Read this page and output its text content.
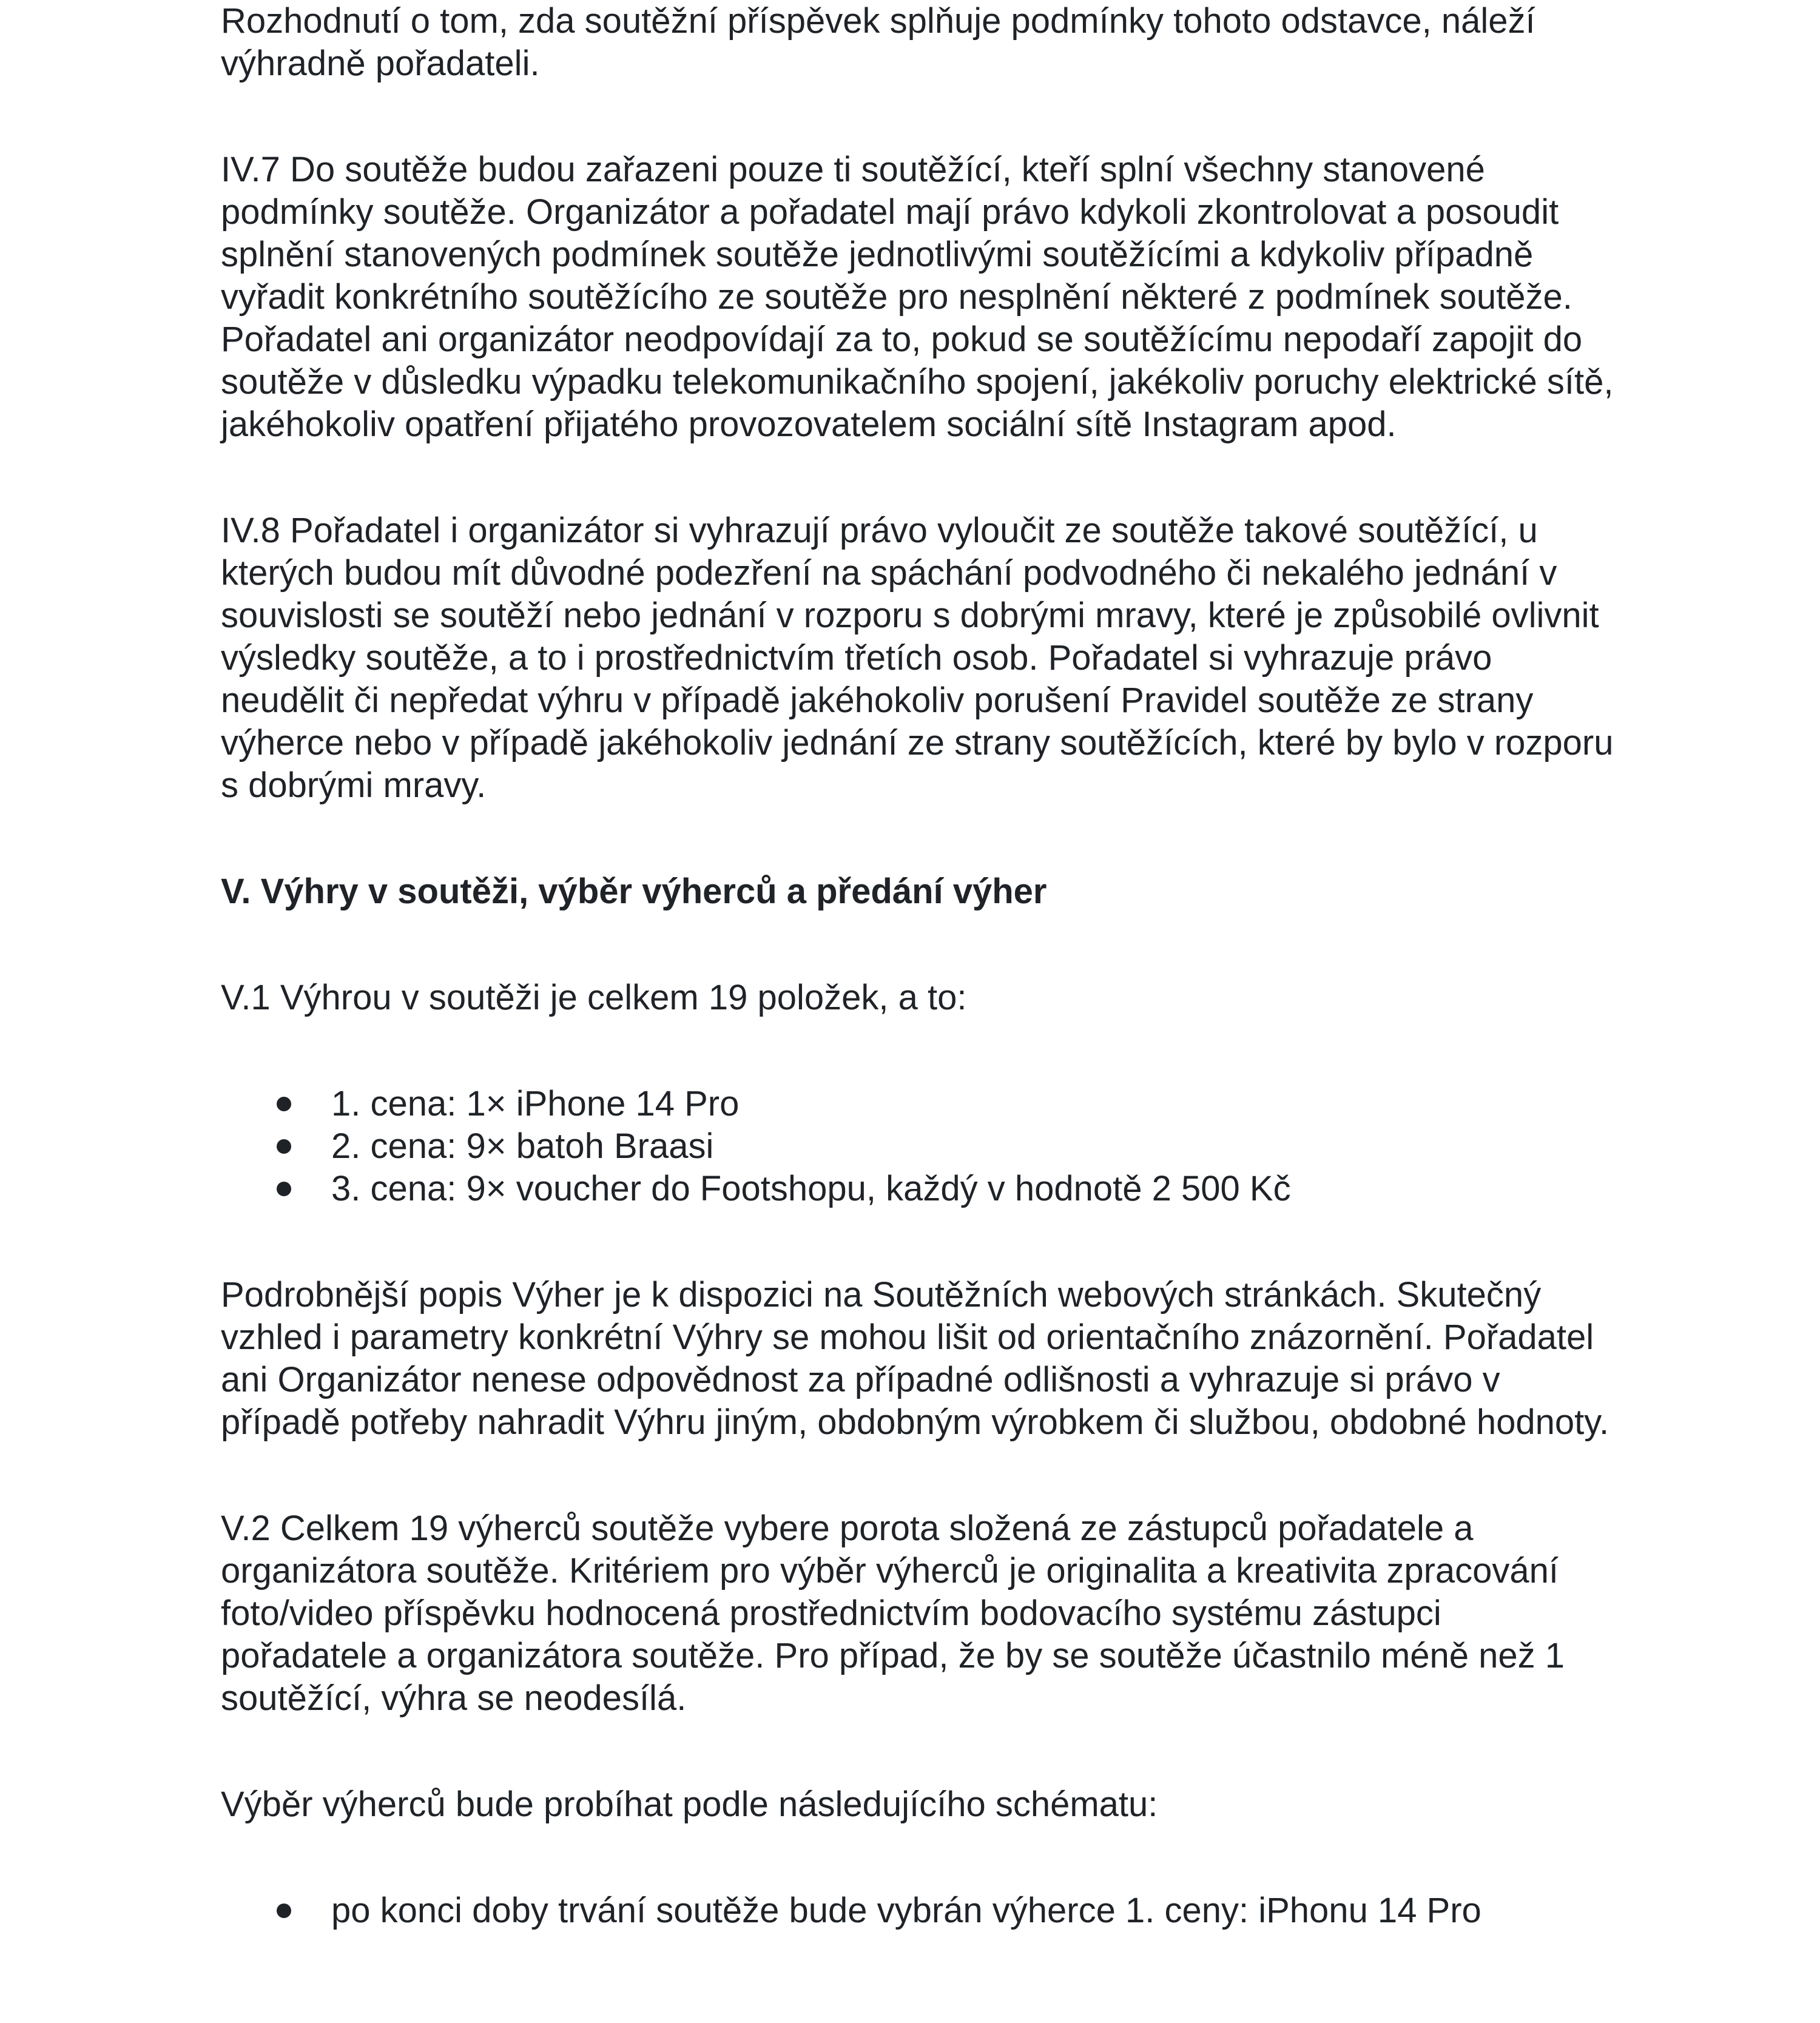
Rozhodnutí o tom, zda soutěžní příspěvek splňuje podmínky tohoto odstavce, náleží výhradně pořadateli.

IV.7 Do soutěže budou zařazeni pouze ti soutěžící, kteří splní všechny stanovené podmínky soutěže. Organizátor a pořadatel mají právo kdykoli zkontrolovat a posoudit splnění stanovených podmínek soutěže jednotlivými soutěžícími a kdykoliv případně vyřadit konkrétního soutěžícího ze soutěže pro nesplnění některé z podmínek soutěže. Pořadatel ani organizátor neodpovídají za to, pokud se soutěžícímu nepodaří zapojit do soutěže v důsledku výpadku telekomunikačního spojení, jakékoliv poruchy elektrické sítě, jakéhokoliv opatření přijatého provozovatelem sociální sítě Instagram apod.

IV.8 Pořadatel i organizátor si vyhrazují právo vyloučit ze soutěže takové soutěžící, u kterých budou mít důvodné podezření na spáchání podvodného či nekalého jednání v souvislosti se soutěží nebo jednání v rozporu s dobrými mravy, které je způsobilé ovlivnit výsledky soutěže, a to i prostřednictvím třetích osob. Pořadatel si vyhrazuje právo neudělit či nepředat výhru v případě jakéhokoliv porušení Pravidel soutěže ze strany výherce nebo v případě jakéhokoliv jednání ze strany soutěžících, které by bylo v rozporu s dobrými mravy.

V. Výhry v soutěži, výběr výherců a předání výher

V.1 Výhrou v soutěži je celkem 19 položek, a to:

1. cena: 1× iPhone 14 Pro
2. cena: 9× batoh Braasi
3. cena: 9× voucher do Footshopu, každý v hodnotě 2 500 Kč

Podrobnější popis Výher je k dispozici na Soutěžních webových stránkách. Skutečný vzhled i parametry konkrétní Výhry se mohou lišit od orientačního znázornění. Pořadatel ani Organizátor nenese odpovědnost za případné odlišnosti a vyhrazuje si právo v případě potřeby nahradit Výhru jiným, obdobným výrobkem či službou, obdobné hodnoty.

V.2 Celkem 19 výherců soutěže vybere porota složená ze zástupců pořadatele a organizátora soutěže. Kritériem pro výběr výherců je originalita a kreativita zpracování foto/video příspěvku hodnocená prostřednictvím bodovacího systému zástupci pořadatele a organizátora soutěže. Pro případ, že by se soutěže účastnilo méně než 1 soutěžící, výhra se neodesílá.

Výběr výherců bude probíhat podle následujícího schématu:

po konci doby trvání soutěže bude vybrán výherce 1. ceny: iPhonu 14 Pro
